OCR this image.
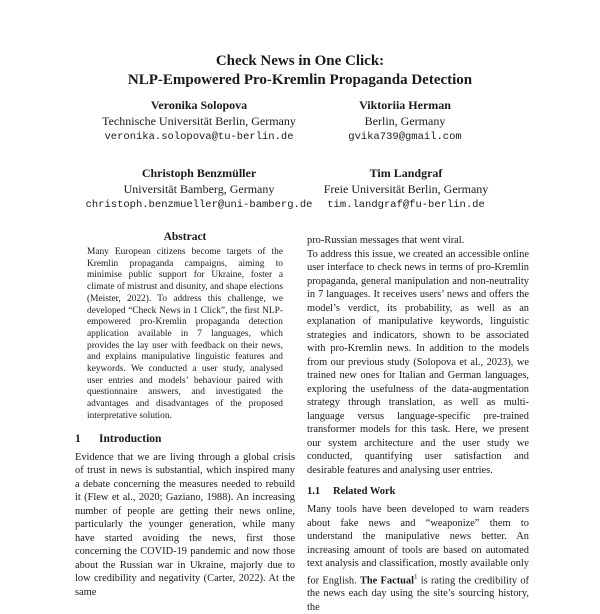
Check News in One Click:
NLP-Empowered Pro-Kremlin Propaganda Detection
Veronika Solopova
Technische Universität Berlin, Germany
veronika.solopova@tu-berlin.de
Viktoriia Herman
Berlin, Germany
gvika739@gmail.com
Christoph Benzmüller
Universität Bamberg, Germany
christoph.benzmueller@uni-bamberg.de
Tim Landgraf
Freie Universität Berlin, Germany
tim.landgraf@fu-berlin.de
Abstract

Many European citizens become targets of the Kremlin propaganda campaigns, aiming to minimise public support for Ukraine, foster a climate of mistrust and disunity, and shape elections (Meister, 2022). To address this challenge, we developed “Check News in 1 Click”, the first NLP-empowered pro-Kremlin propaganda detection application available in 7 languages, which provides the lay user with feedback on their news, and explains manipulative linguistic features and keywords. We conducted a user study, analysed user entries and models’ behaviour paired with questionnaire answers, and investigated the advantages and disadvantages of the proposed interpretative solution.

1 Introduction

Evidence that we are living through a global crisis of trust in news is substantial, which inspired many a debate concerning the measures needed to rebuild it (Flew et al., 2020; Gaziano, 1988). An increasing number of people are getting their news online, particularly the younger generation, while many have started avoiding the news, first those concerning the COVID-19 pandemic and now those about the Russian war in Ukraine, majorly due to low credibility and negativity (Carter, 2022). At the same

pro-Russian messages that went viral.

To address this issue, we created an accessible online user interface to check news in terms of pro-Kremlin propaganda, general manipulation and non-neutrality in 7 languages. It receives users’ news and offers the model’s verdict, its probability, as well as an explanation of manipulative keywords, linguistic strategies and indicators, shown to be associated with pro-Kremlin news. In addition to the models from our previous study (Solopova et al., 2023), we trained new ones for Italian and German languages, exploring the usefulness of the data-augmentation strategy through translation, as well as multi-language versus language-specific pre-trained transformer models for this task. Here, we present our system architecture and the user study we conducted, quantifying user satisfaction and desirable features and analysing user entries.

1.1 Related Work

Many tools have been developed to warn readers about fake news and “weaponize” them to understand the manipulative news better. An increasing amount of tools are based on automated text analysis and classification, mostly available only for English. The Factual$^1$ is rating the credibility of the news each day using the site’s sourcing history, the
